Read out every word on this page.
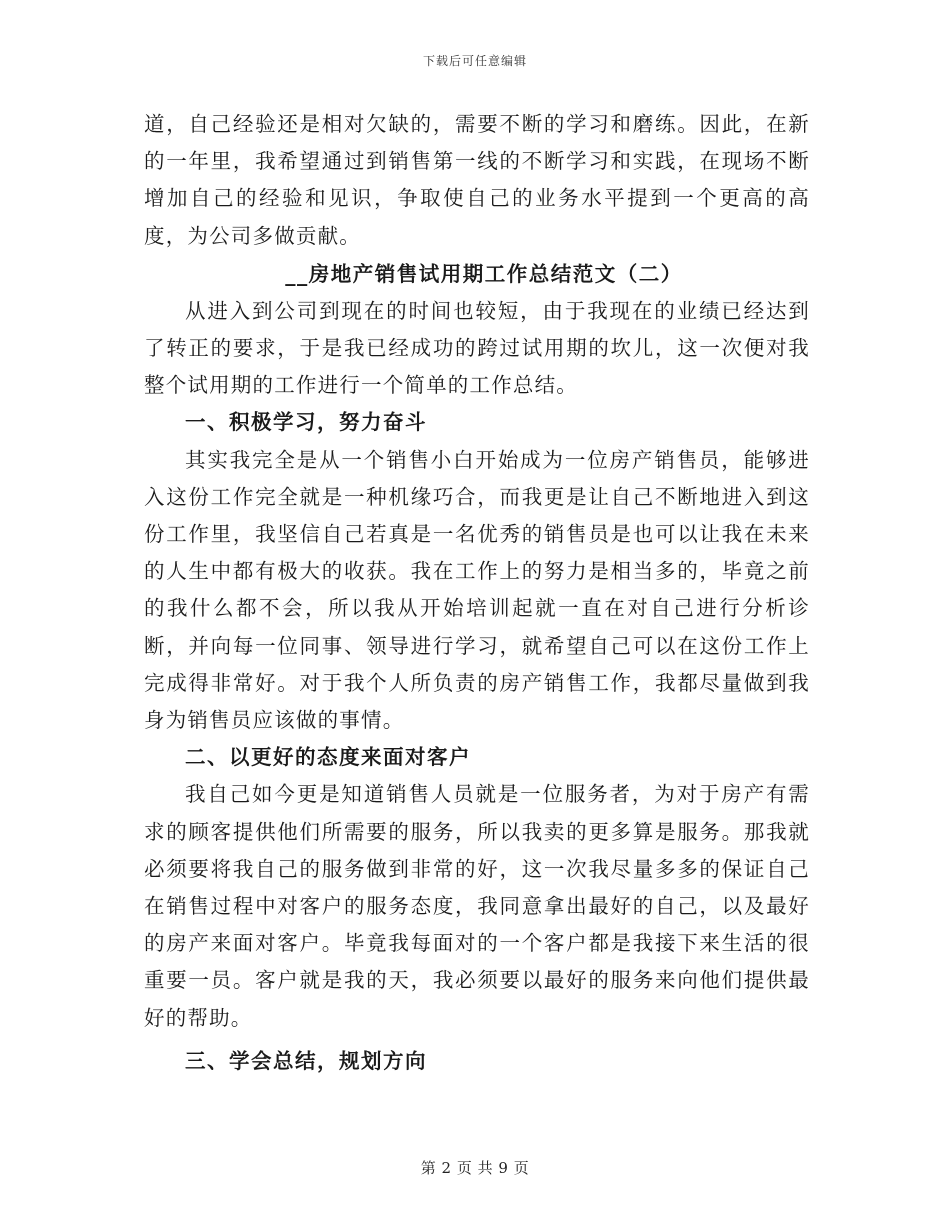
下载后可任意编辑

道，自己经验还是相对欠缺的，需要不断的学习和磨练。因此，在新的一年里，我希望通过到销售第一线的不断学习和实践，在现场不断增加自己的经验和见识，争取使自己的业务水平提到一个更高的高度，为公司多做贡献。

__房地产销售试用期工作总结范文（二）

从进入到公司到现在的时间也较短，由于我现在的业绩已经达到了转正的要求，于是我已经成功的跨过试用期的坎儿，这一次便对我整个试用期的工作进行一个简单的工作总结。

一、积极学习，努力奋斗

其实我完全是从一个销售小白开始成为一位房产销售员，能够进入这份工作完全就是一种机缘巧合，而我更是让自己不断地进入到这份工作里，我坚信自己若真是一名优秀的销售员是也可以让我在未来的人生中都有极大的收获。我在工作上的努力是相当多的，毕竟之前的我什么都不会，所以我从开始培训起就一直在对自己进行分析诊断，并向每一位同事、领导进行学习，就希望自己可以在这份工作上完成得非常好。对于我个人所负责的房产销售工作，我都尽量做到我身为销售员应该做的事情。

二、以更好的态度来面对客户

我自己如今更是知道销售人员就是一位服务者，为对于房产有需求的顾客提供他们所需要的服务，所以我卖的更多算是服务。那我就必须要将我自己的服务做到非常的好，这一次我尽量多多的保证自己在销售过程中对客户的服务态度，我同意拿出最好的自己，以及最好的房产来面对客户。毕竟我每面对的一个客户都是我接下来生活的很重要一员。客户就是我的天，我必须要以最好的服务来向他们提供最好的帮助。

三、学会总结，规划方向
第 2 页 共 9 页
